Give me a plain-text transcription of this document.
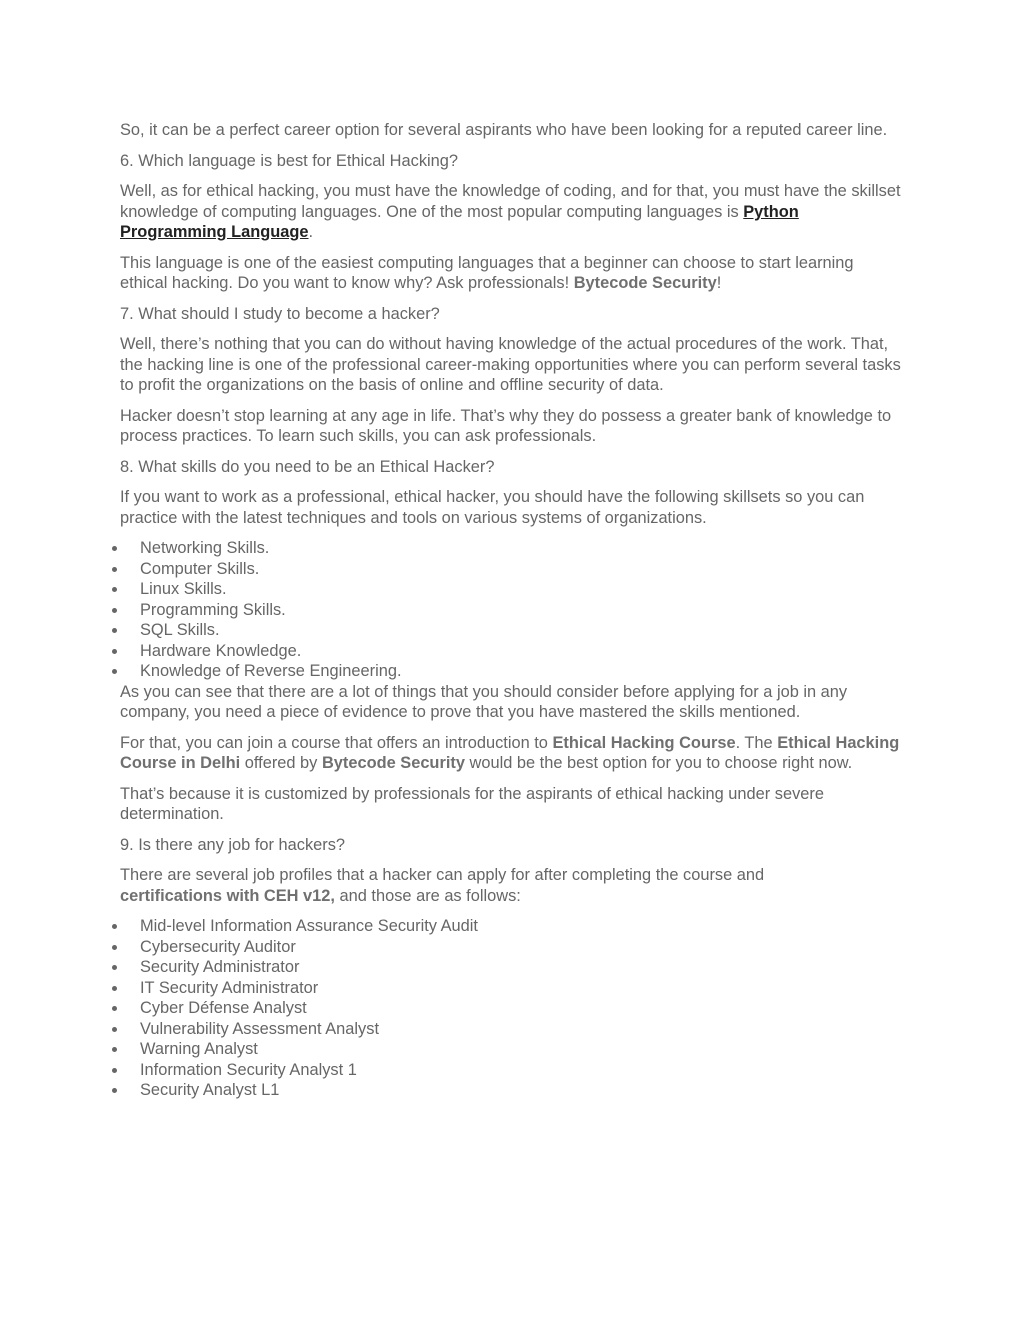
So, it can be a perfect career option for several aspirants who have been looking for a reputed career line.

6. Which language is best for Ethical Hacking?

Well, as for ethical hacking, you must have the knowledge of coding, and for that, you must have the skillset knowledge of computing languages. One of the most popular computing languages is Python Programming Language.

This language is one of the easiest computing languages that a beginner can choose to start learning ethical hacking. Do you want to know why? Ask professionals! Bytecode Security!

7. What should I study to become a hacker?

Well, there’s nothing that you can do without having knowledge of the actual procedures of the work. That, the hacking line is one of the professional career-making opportunities where you can perform several tasks to profit the organizations on the basis of online and offline security of data.

Hacker doesn’t stop learning at any age in life. That’s why they do possess a greater bank of knowledge to process practices. To learn such skills, you can ask professionals.

8. What skills do you need to be an Ethical Hacker?

If you want to work as a professional, ethical hacker, you should have the following skillsets so you can practice with the latest techniques and tools on various systems of organizations.

Networking Skills.
Computer Skills.
Linux Skills.
Programming Skills.
SQL Skills.
Hardware Knowledge.
Knowledge of Reverse Engineering.

As you can see that there are a lot of things that you should consider before applying for a job in any company, you need a piece of evidence to prove that you have mastered the skills mentioned.

For that, you can join a course that offers an introduction to Ethical Hacking Course. The Ethical Hacking Course in Delhi offered by Bytecode Security would be the best option for you to choose right now.

That’s because it is customized by professionals for the aspirants of ethical hacking under severe determination.

9. Is there any job for hackers?

There are several job profiles that a hacker can apply for after completing the course and certifications with CEH v12, and those are as follows:

Mid-level Information Assurance Security Audit
Cybersecurity Auditor
Security Administrator
IT Security Administrator
Cyber Défense Analyst
Vulnerability Assessment Analyst
Warning Analyst
Information Security Analyst 1
Security Analyst L1
